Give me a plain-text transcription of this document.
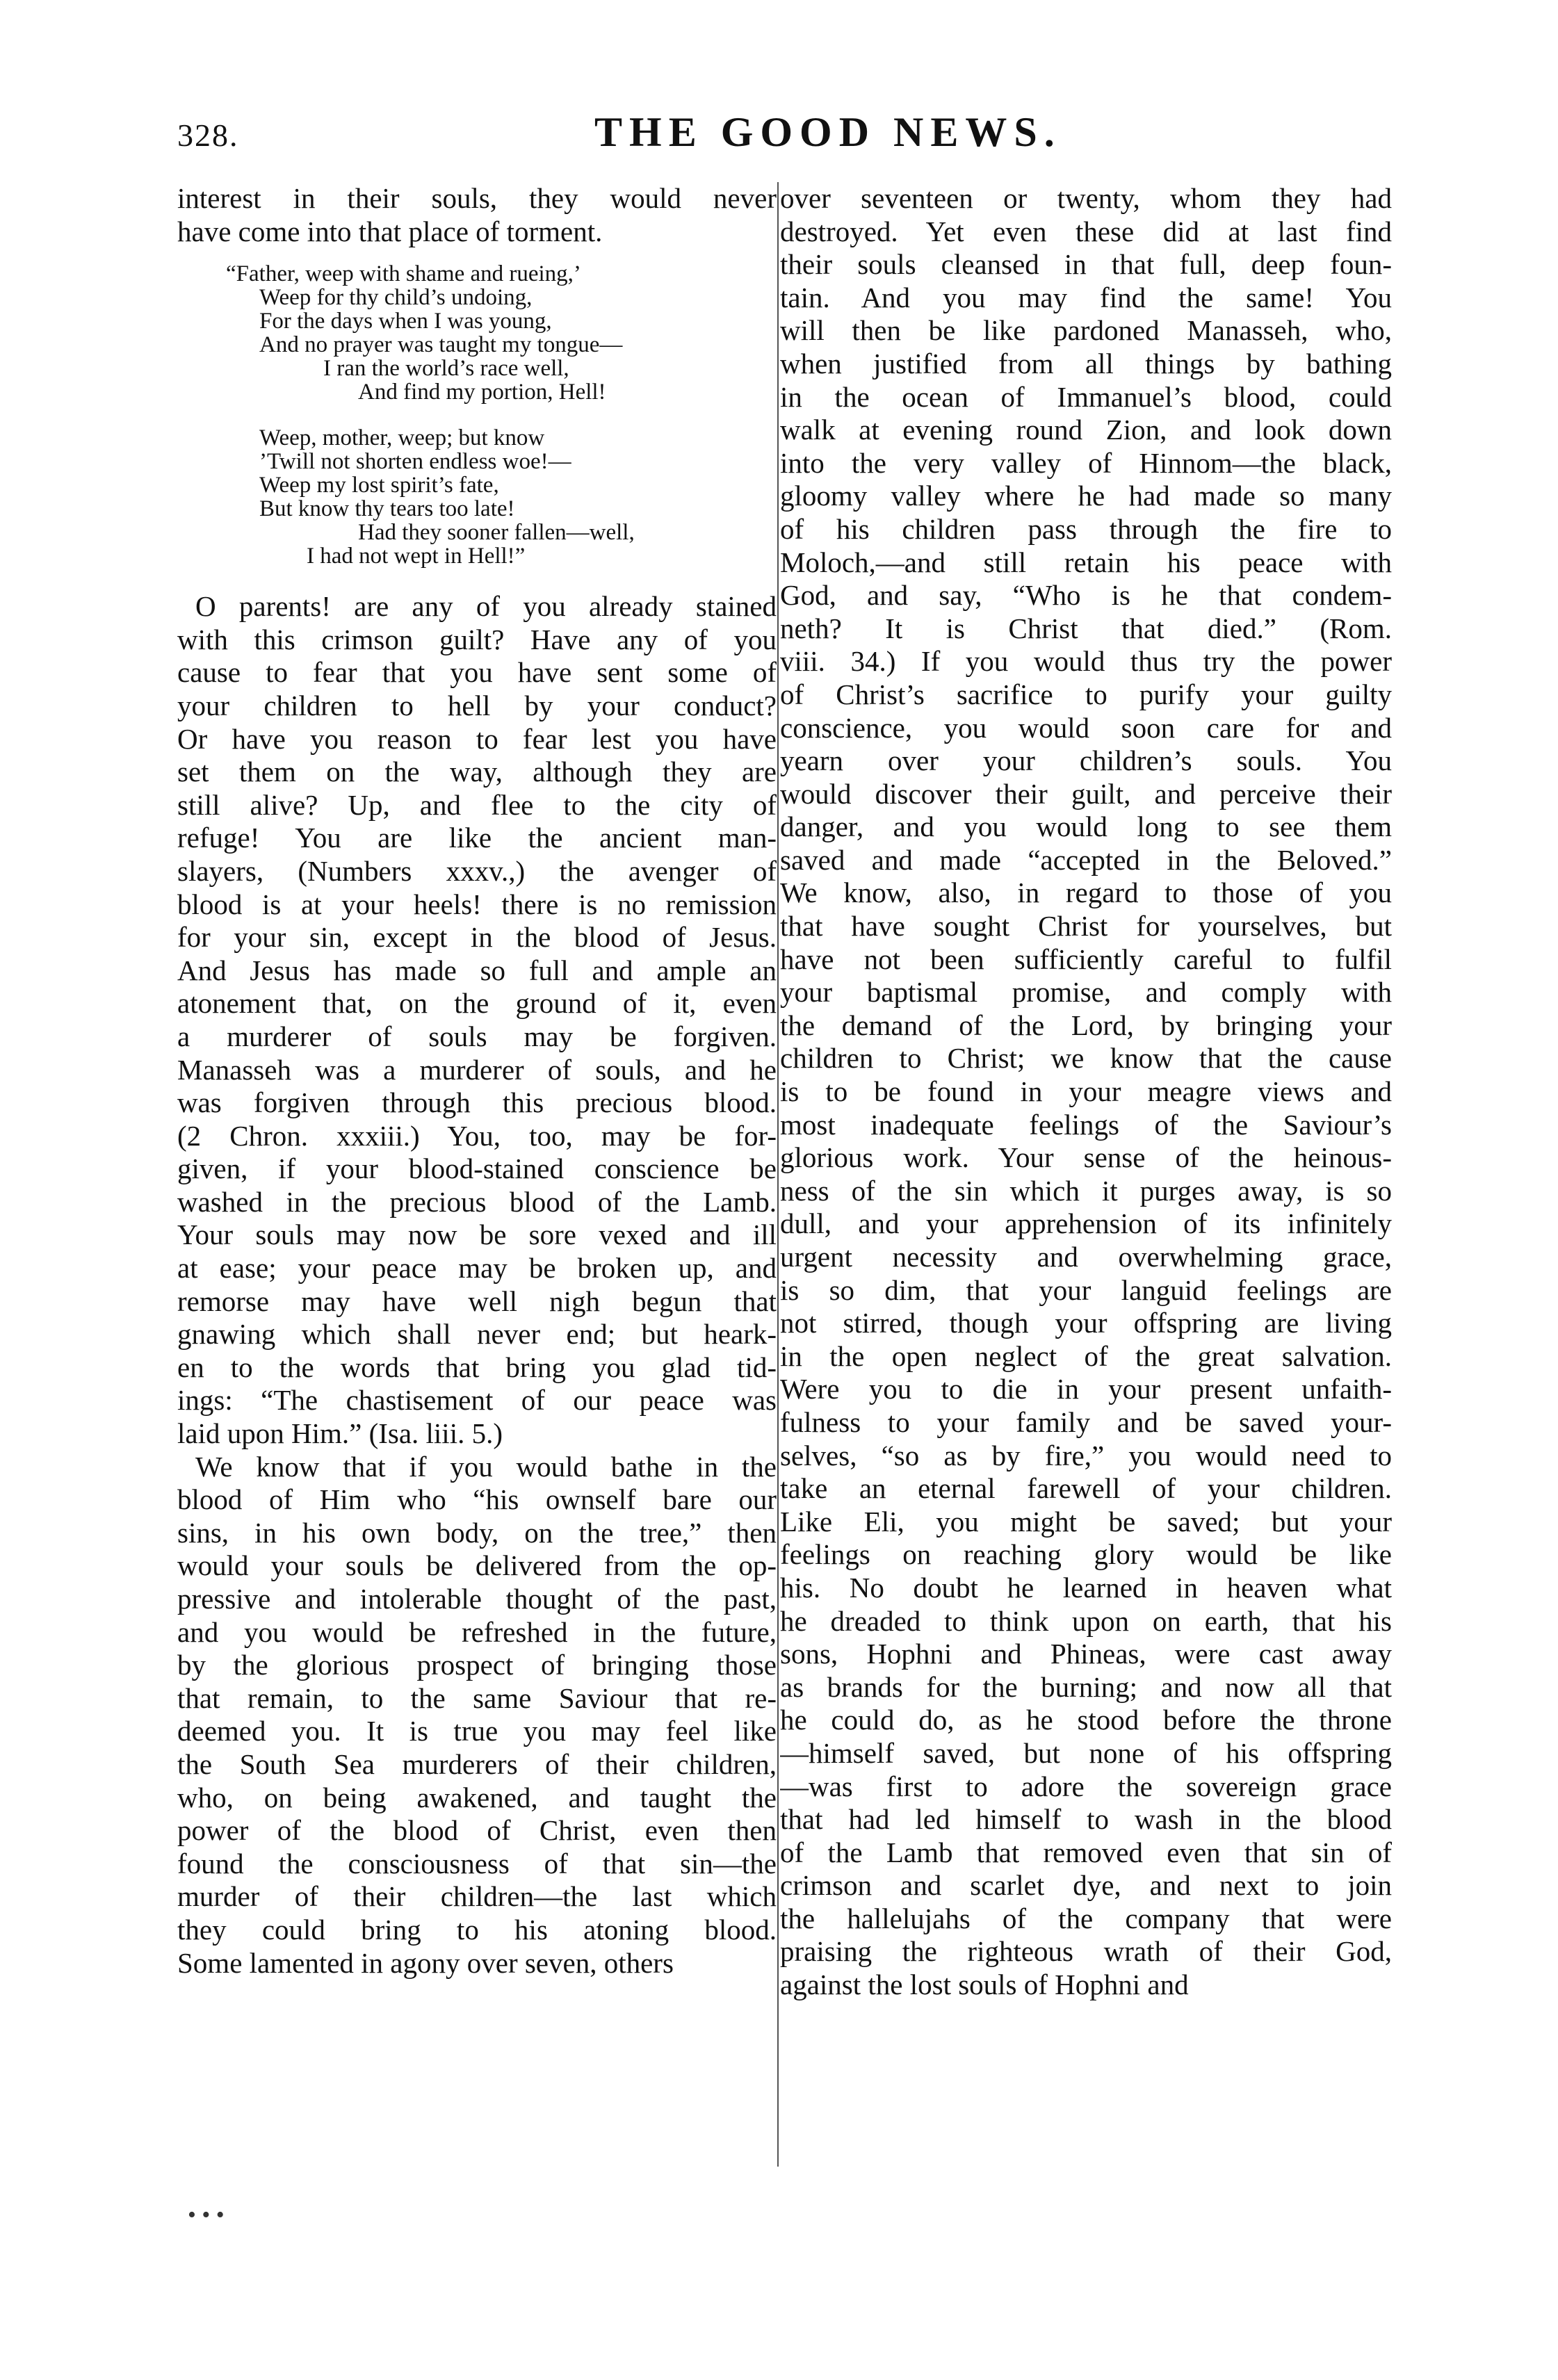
328.	THE GOOD NEWS.
interest in their souls, they would never
have come into that place of torment.
“Father, weep with shame and rueing,’
Weep for thy child’s undoing,
For the days when I was young,
And no prayer was taught my tongue—
I ran the world’s race well,
And find my portion, Hell!
Weep, mother, weep; but know
’Twill not shorten endless woe!—
Weep my lost spirit’s fate,
But know thy tears too late!
Had they sooner fallen—well,
I had not wept in Hell!”
O parents! are any of you already stained
with this crimson guilt? Have any of you
cause to fear that you have sent some of
your children to hell by your conduct?
Or have you reason to fear lest you have
set them on the way, although they are
still alive? Up, and flee to the city of
refuge! You are like the ancient man-
slayers, (Numbers xxxv.,) the avenger of
blood is at your heels! there is no remission
for your sin, except in the blood of Jesus.
And Jesus has made so full and ample an
atonement that, on the ground of it, even
a murderer of souls may be forgiven.
Manasseh was a murderer of souls, and he
was forgiven through this precious blood.
(2 Chron. xxxiii.) You, too, may be for-
given, if your blood-stained conscience be
washed in the precious blood of the Lamb.
Your souls may now be sore vexed and ill
at ease; your peace may be broken up, and
remorse may have well nigh begun that
gnawing which shall never end; but heark-
en to the words that bring you glad tid-
ings: “The chastisement of our peace was
laid upon Him.” (Isa. liii. 5.)
We know that if you would bathe in the
blood of Him who “his ownself bare our
sins, in his own body, on the tree,” then
would your souls be delivered from the op-
pressive and intolerable thought of the past,
and you would be refreshed in the future,
by the glorious prospect of bringing those
that remain, to the same Saviour that re-
deemed you. It is true you may feel like
the South Sea murderers of their children,
who, on being awakened, and taught the
power of the blood of Christ, even then
found the consciousness of that sin—the
murder of their children—the last which
they could bring to his atoning blood.
Some lamented in agony over seven, others
over seventeen or twenty, whom they had
destroyed. Yet even these did at last find
their souls cleansed in that full, deep foun-
tain. And you may find the same! You
will then be like pardoned Manasseh, who,
when justified from all things by bathing
in the ocean of Immanuel’s blood, could
walk at evening round Zion, and look down
into the very valley of Hinnom—the black,
gloomy valley where he had made so many
of his children pass through the fire to
Moloch,—and still retain his peace with
God, and say, “Who is he that condem-
neth? It is Christ that died.” (Rom.
viii. 34.) If you would thus try the power
of Christ’s sacrifice to purify your guilty
conscience, you would soon care for and
yearn over your children’s souls. You
would discover their guilt, and perceive their
danger, and you would long to see them
saved and made “accepted in the Beloved.”
We know, also, in regard to those of you
that have sought Christ for yourselves, but
have not been sufficiently careful to fulfil
your baptismal promise, and comply with
the demand of the Lord, by bringing your
children to Christ; we know that the cause
is to be found in your meagre views and
most inadequate feelings of the Saviour’s
glorious work. Your sense of the heinous-
ness of the sin which it purges away, is so
dull, and your apprehension of its infinitely
urgent necessity and overwhelming grace,
is so dim, that your languid feelings are
not stirred, though your offspring are living
in the open neglect of the great salvation.
Were you to die in your present unfaith-
fulness to your family and be saved your-
selves, “so as by fire,” you would need to
take an eternal farewell of your children.
Like Eli, you might be saved; but your
feelings on reaching glory would be like
his. No doubt he learned in heaven what
he dreaded to think upon on earth, that his
sons, Hophni and Phineas, were cast away
as brands for the burning; and now all that
he could do, as he stood before the throne
—himself saved, but none of his offspring
—was first to adore the sovereign grace
that had led himself to wash in the blood
of the Lamb that removed even that sin of
crimson and scarlet dye, and next to join
the hallelujahs of the company that were
praising the righteous wrath of their God,
against the lost souls of Hophni and
• • •
